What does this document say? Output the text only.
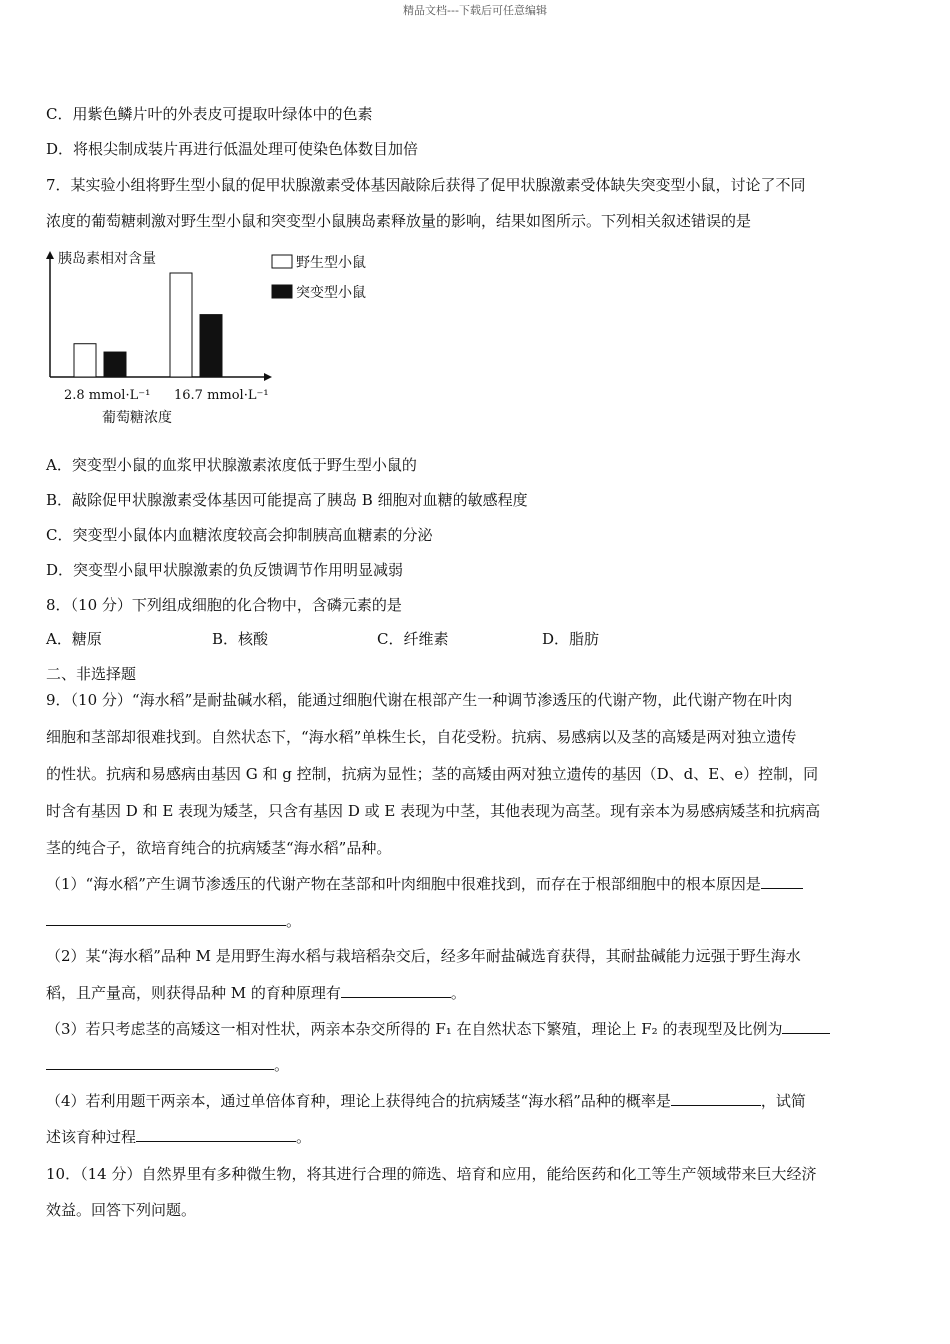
精品文档---下载后可任意编辑
C．用紫色鳞片叶的外表皮可提取叶绿体中的色素
D．将根尖制成装片再进行低温处理可使染色体数目加倍
7．某实验小组将野生型小鼠的促甲状腺激素受体基因敲除后获得了促甲状腺激素受体缺失突变型小鼠，讨论了不同
浓度的葡萄糖刺激对野生型小鼠和突变型小鼠胰岛素释放量的影响，结果如图所示。下列相关叙述错误的是
胰岛素相对含量
2.8 mmol·L⁻¹ 16.7 mmol·L⁻¹
葡萄糖浓度
野生型小鼠
突变型小鼠
A．突变型小鼠的血浆甲状腺激素浓度低于野生型小鼠的
B．敲除促甲状腺激素受体基因可能提高了胰岛 B 细胞对血糖的敏感程度
C．突变型小鼠体内血糖浓度较高会抑制胰高血糖素的分泌
D．突变型小鼠甲状腺激素的负反馈调节作用明显减弱
8．（10 分）下列组成细胞的化合物中，含磷元素的是
A．糖原	B．核酸	C．纤维素	D．脂肪
二、非选择题
9．（10 分）“海水稻”是耐盐碱水稻，能通过细胞代谢在根部产生一种调节渗透压的代谢产物，此代谢产物在叶肉
细胞和茎部却很难找到。自然状态下，“海水稻”单株生长，自花受粉。抗病、易感病以及茎的高矮是两对独立遗传
的性状。抗病和易感病由基因 G 和 g 控制，抗病为显性；茎的高矮由两对独立遗传的基因（D、d、E、e）控制，同
时含有基因 D 和 E 表现为矮茎，只含有基因 D 或 E 表现为中茎，其他表现为高茎。现有亲本为易感病矮茎和抗病高
茎的纯合子，欲培育纯合的抗病矮茎“海水稻”品种。
（1）“海水稻”产生调节渗透压的代谢产物在茎部和叶肉细胞中很难找到，而存在于根部细胞中的根本原因是
。
（2）某“海水稻”品种 M 是用野生海水稻与栽培稻杂交后，经多年耐盐碱选育获得，其耐盐碱能力远强于野生海水
稻，且产量高，则获得品种 M 的育种原理有	。
（3）若只考虑茎的高矮这一相对性状，两亲本杂交所得的 F₁ 在自然状态下繁殖，理论上 F₂ 的表现型及比例为
。
（4）若利用题干两亲本，通过单倍体育种，理论上获得纯合的抗病矮茎“海水稻”品种的概率是	，试简
述该育种过程	。
10．（14 分）自然界里有多种微生物，将其进行合理的筛选、培育和应用，能给医药和化工等生产领域带来巨大经济
效益。回答下列问题。
